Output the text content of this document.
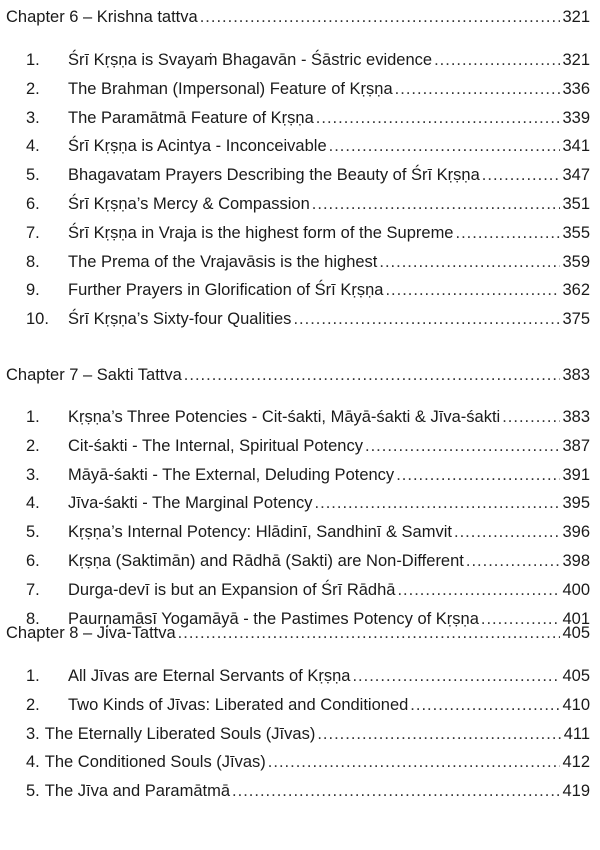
Chapter 6 – Krishna tattva .....	321
1.	Śrī Kṛṣṇa is Svayaṁ Bhagavān - Śāstric evidence .....	321
2.	The Brahman (Impersonal) Feature of Kṛṣṇa .....	336
3.	The Paramātmā Feature of Kṛṣṇa .....	339
4.	Śrī Kṛṣṇa is Acintya - Inconceivable .....	341
5.	Bhagavatam Prayers Describing the Beauty of Śrī Kṛṣṇa .....	347
6.	Śrī Kṛṣṇa’s Mercy & Compassion .....	351
7.	Śrī Kṛṣṇa in Vraja is the highest form of the Supreme .....	355
8.	The Prema of the Vrajavāsis is the highest .....	359
9.	Further Prayers in Glorification of Śrī Kṛṣṇa .....	362
10.	Śrī Kṛṣṇa’s Sixty-four Qualities .....	375
Chapter 7 – Sakti Tattva .....	383
1.	Kṛṣṇa’s Three Potencies - Cit-śakti, Māyā-śakti & Jīva-śakti .....	383
2.	Cit-śakti - The Internal, Spiritual Potency .....	387
3.	Māyā-śakti - The External, Deluding Potency .....	391
4.	Jīva-śakti - The Marginal Potency .....	395
5.	Kṛṣṇa’s Internal Potency: Hlādinī, Sandhinī & Samvit .....	396
6.	Kṛṣṇa (Saktimān) and Rādhā (Sakti) are Non-Different .....	398
7.	Durga-devī is but an Expansion of Śrī Rādhā .....	400
8.	Paurṇamāsī Yogamāyā - the Pastimes Potency of Kṛṣṇa .....	401
Chapter 8 – Jiva-Tattva .....	405
1.	All Jīvas are Eternal Servants of Kṛṣṇa .....	405
2.	Two Kinds of Jīvas: Liberated and Conditioned .....	410
3. The Eternally Liberated Souls (Jīvas) .....	411
4. The Conditioned Souls (Jīvas) .....	412
5. The Jīva and Paramātmā .....	419
